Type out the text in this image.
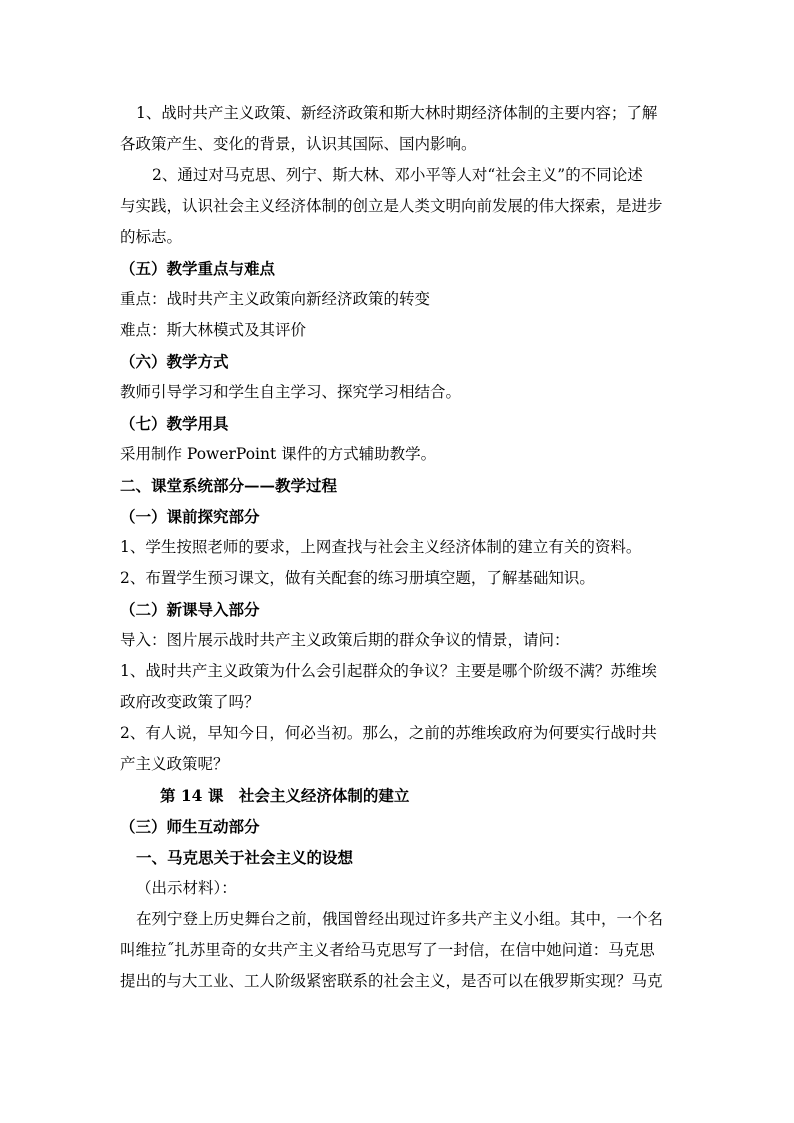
1、战时共产主义政策、新经济政策和斯大林时期经济体制的主要内容；了解

各政策产生、变化的背景，认识其国际、国内影响。

2、通过对马克思、列宁、斯大林、邓小平等人对“社会主义”的不同论述

与实践，认识社会主义经济体制的创立是人类文明向前发展的伟大探索，是进步

的标志。

（五）教学重点与难点

重点：战时共产主义政策向新经济政策的转变

难点：斯大林模式及其评价

（六）教学方式

教师引导学习和学生自主学习、探究学习相结合。

（七）教学用具

采用制作 PowerPoint 课件的方式辅助教学。

二、课堂系统部分——教学过程

（一）课前探究部分

1、学生按照老师的要求，上网查找与社会主义经济体制的建立有关的资料。

2、布置学生预习课文，做有关配套的练习册填空题，了解基础知识。

（二）新课导入部分

导入：图片展示战时共产主义政策后期的群众争议的情景，请问：

1、战时共产主义政策为什么会引起群众的争议？主要是哪个阶级不满？苏维埃

政府改变政策了吗？

2、有人说，早知今日，何必当初。那么，之前的苏维埃政府为何要实行战时共

产主义政策呢？

第 14 课　社会主义经济体制的建立

（三）师生互动部分

一、马克思关于社会主义的设想

（出示材料）：

在列宁登上历史舞台之前，俄国曾经出现过许多共产主义小组。其中，一个名

叫维拉˝扎苏里奇的女共产主义者给马克思写了一封信，在信中她问道：马克思

提出的与大工业、工人阶级紧密联系的社会主义，是否可以在俄罗斯实现？马克
